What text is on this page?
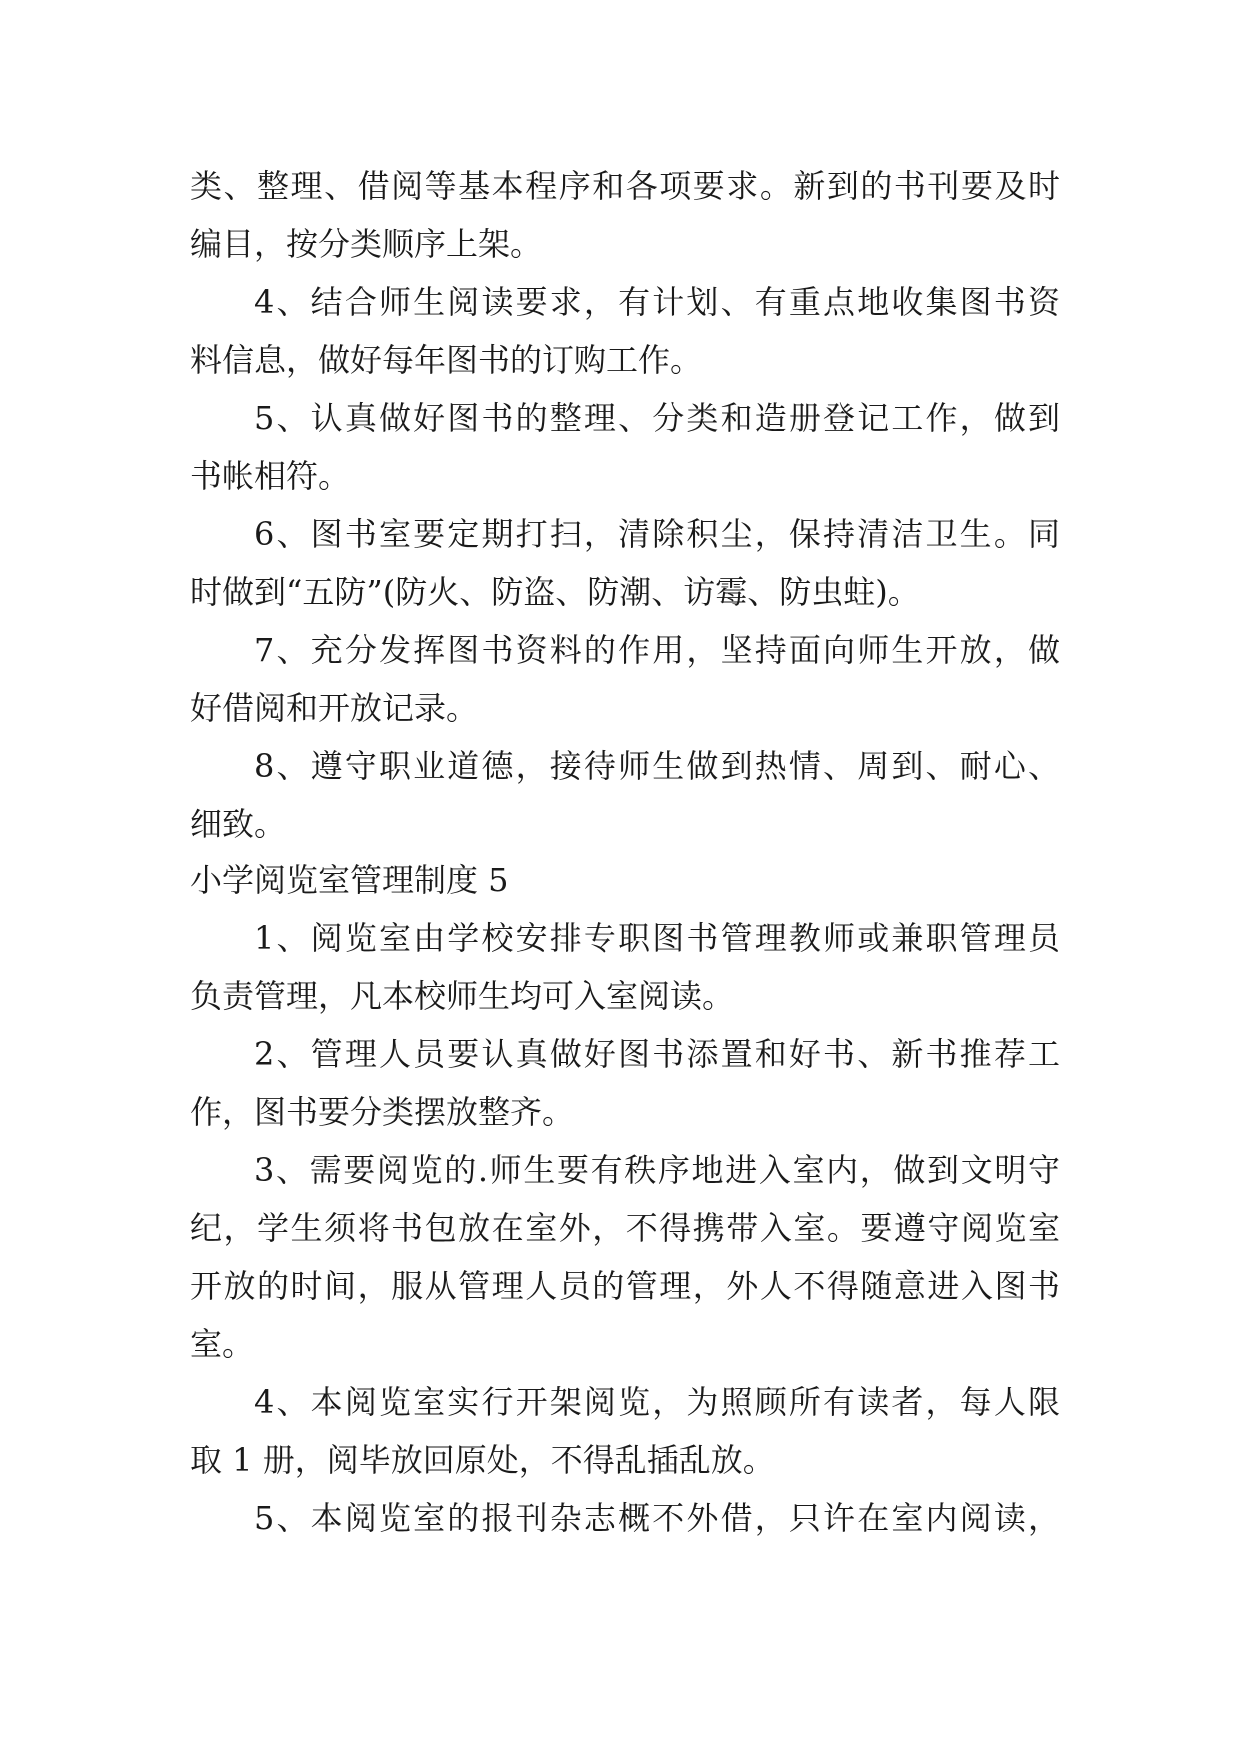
类、整理、借阅等基本程序和各项要求。新到的书刊要及时
编目，按分类顺序上架。
4、结合师生阅读要求，有计划、有重点地收集图书资
料信息，做好每年图书的订购工作。
5、认真做好图书的整理、分类和造册登记工作，做到
书帐相符。
6、图书室要定期打扫，清除积尘，保持清洁卫生。同
时做到“五防”(防火、防盗、防潮、访霉、防虫蛀)。
7、充分发挥图书资料的作用，坚持面向师生开放，做
好借阅和开放记录。
8、遵守职业道德，接待师生做到热情、周到、耐心、
细致。
小学阅览室管理制度 5
1、阅览室由学校安排专职图书管理教师或兼职管理员
负责管理，凡本校师生均可入室阅读。
2、管理人员要认真做好图书添置和好书、新书推荐工
作，图书要分类摆放整齐。
3、需要阅览的.师生要有秩序地进入室内，做到文明守
纪，学生须将书包放在室外，不得携带入室。要遵守阅览室
开放的时间，服从管理人员的管理，外人不得随意进入图书
室。
4、本阅览室实行开架阅览，为照顾所有读者，每人限
取 1 册，阅毕放回原处，不得乱插乱放。
5、本阅览室的报刊杂志概不外借，只许在室内阅读，
